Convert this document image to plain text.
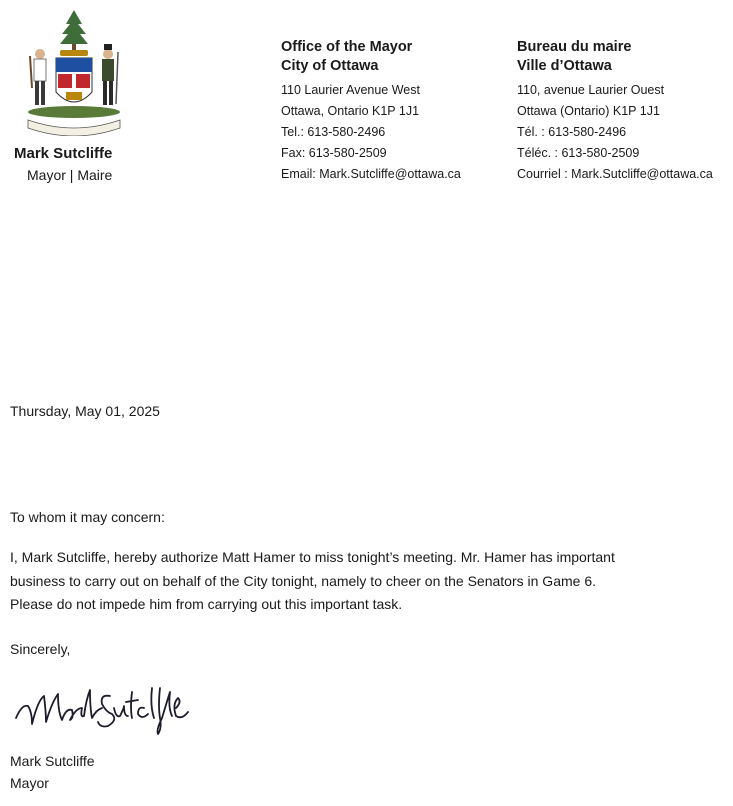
Mark Sutcliffe
Mayor | Maire
Office of the Mayor
City of Ottawa
110 Laurier Avenue West
Ottawa, Ontario K1P 1J1
Tel.: 613-580-2496
Fax: 613-580-2509
Email: Mark.Sutcliffe@ottawa.ca
Bureau du maire
Ville d’Ottawa
110, avenue Laurier Ouest
Ottawa (Ontario) K1P 1J1
Tél. : 613-580-2496
Téléc. : 613-580-2509
Courriel : Mark.Sutcliffe@ottawa.ca
Thursday, May 01, 2025
To whom it may concern:
I, Mark Sutcliffe, hereby authorize Matt Hamer to miss tonight’s meeting. Mr. Hamer has important
business to carry out on behalf of the City tonight, namely to cheer on the Senators in Game 6.
Please do not impede him from carrying out this important task.
Sincerely,
Mark Sutcliffe
Mayor
